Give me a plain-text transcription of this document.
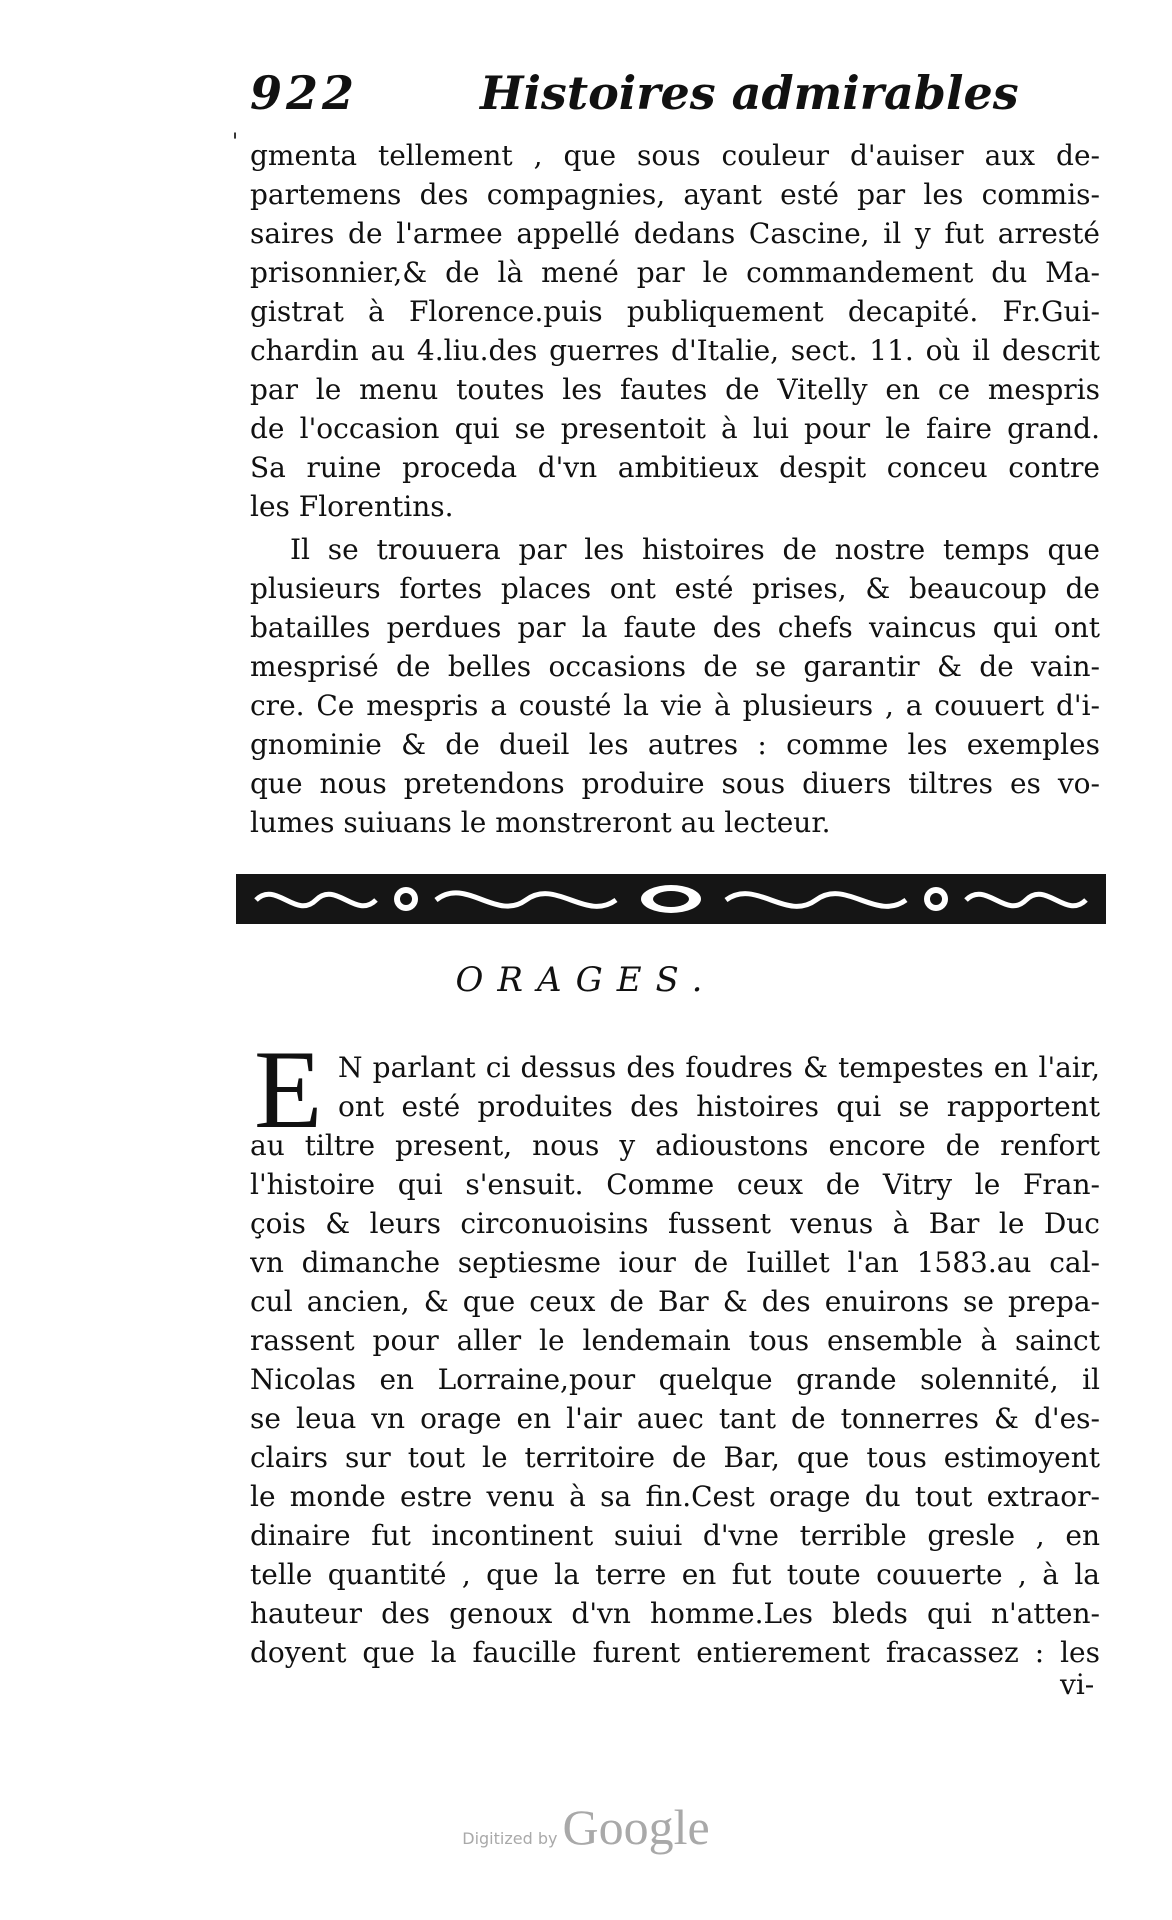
922	Histoires admirables
' gmenta tellement , que sous couleur d'auiser aux de-
partemens des compagnies, ayant esté par les commis-
saires de l'armee appellé dedans Cascine, il y fut arresté
prisonnier,& de là mené par le commandement du Ma-
gistrat à Florence.puis publiquement decapité. Fr.Gui-
chardin au 4.liu.des guerres d'Italie, sect. 11. où il descrit
par le menu toutes les fautes de Vitelly en ce mespris
de l'occasion qui se presentoit à lui pour le faire grand.
Sa ruine proceda d'vn ambitieux despit conceu contre
les Florentins.
Il se trouuera par les histoires de nostre temps que
plusieurs fortes places ont esté prises, & beaucoup de
batailles perdues par la faute des chefs vaincus qui ont
mesprisé de belles occasions de se garantir & de vain-
cre. Ce mespris a cousté la vie à plusieurs , a couuert d'i-
gnominie & de dueil les autres : comme les exemples
que nous pretendons produire sous diuers tiltres es vo-
lumes suiuans le monstreront au lecteur.
ORAGES.
E N parlant ci dessus des foudres & tempestes en l'air,
ont esté produites des histoires qui se rapportent
au tiltre present, nous y adioustons encore de renfort
l'histoire qui s'ensuit. Comme ceux de Vitry le Fran-
çois & leurs circonuoisins fussent venus à Bar le Duc
vn dimanche septiesme iour de Iuillet l'an 1583.au cal-
cul ancien, & que ceux de Bar & des enuirons se prepa-
rassent pour aller le lendemain tous ensemble à sainct
Nicolas en Lorraine,pour quelque grande solennité, il
se leua vn orage en l'air auec tant de tonnerres & d'es-
clairs sur tout le territoire de Bar, que tous estimoyent
le monde estre venu à sa fin.Cest orage du tout extraor-
dinaire fut incontinent suiui d'vne terrible gresle , en
telle quantité , que la terre en fut toute couuerte , à la
hauteur des genoux d'vn homme.Les bleds qui n'atten-
doyent que la faucille furent entierement fracassez : les
vi-
Digitized by Google
